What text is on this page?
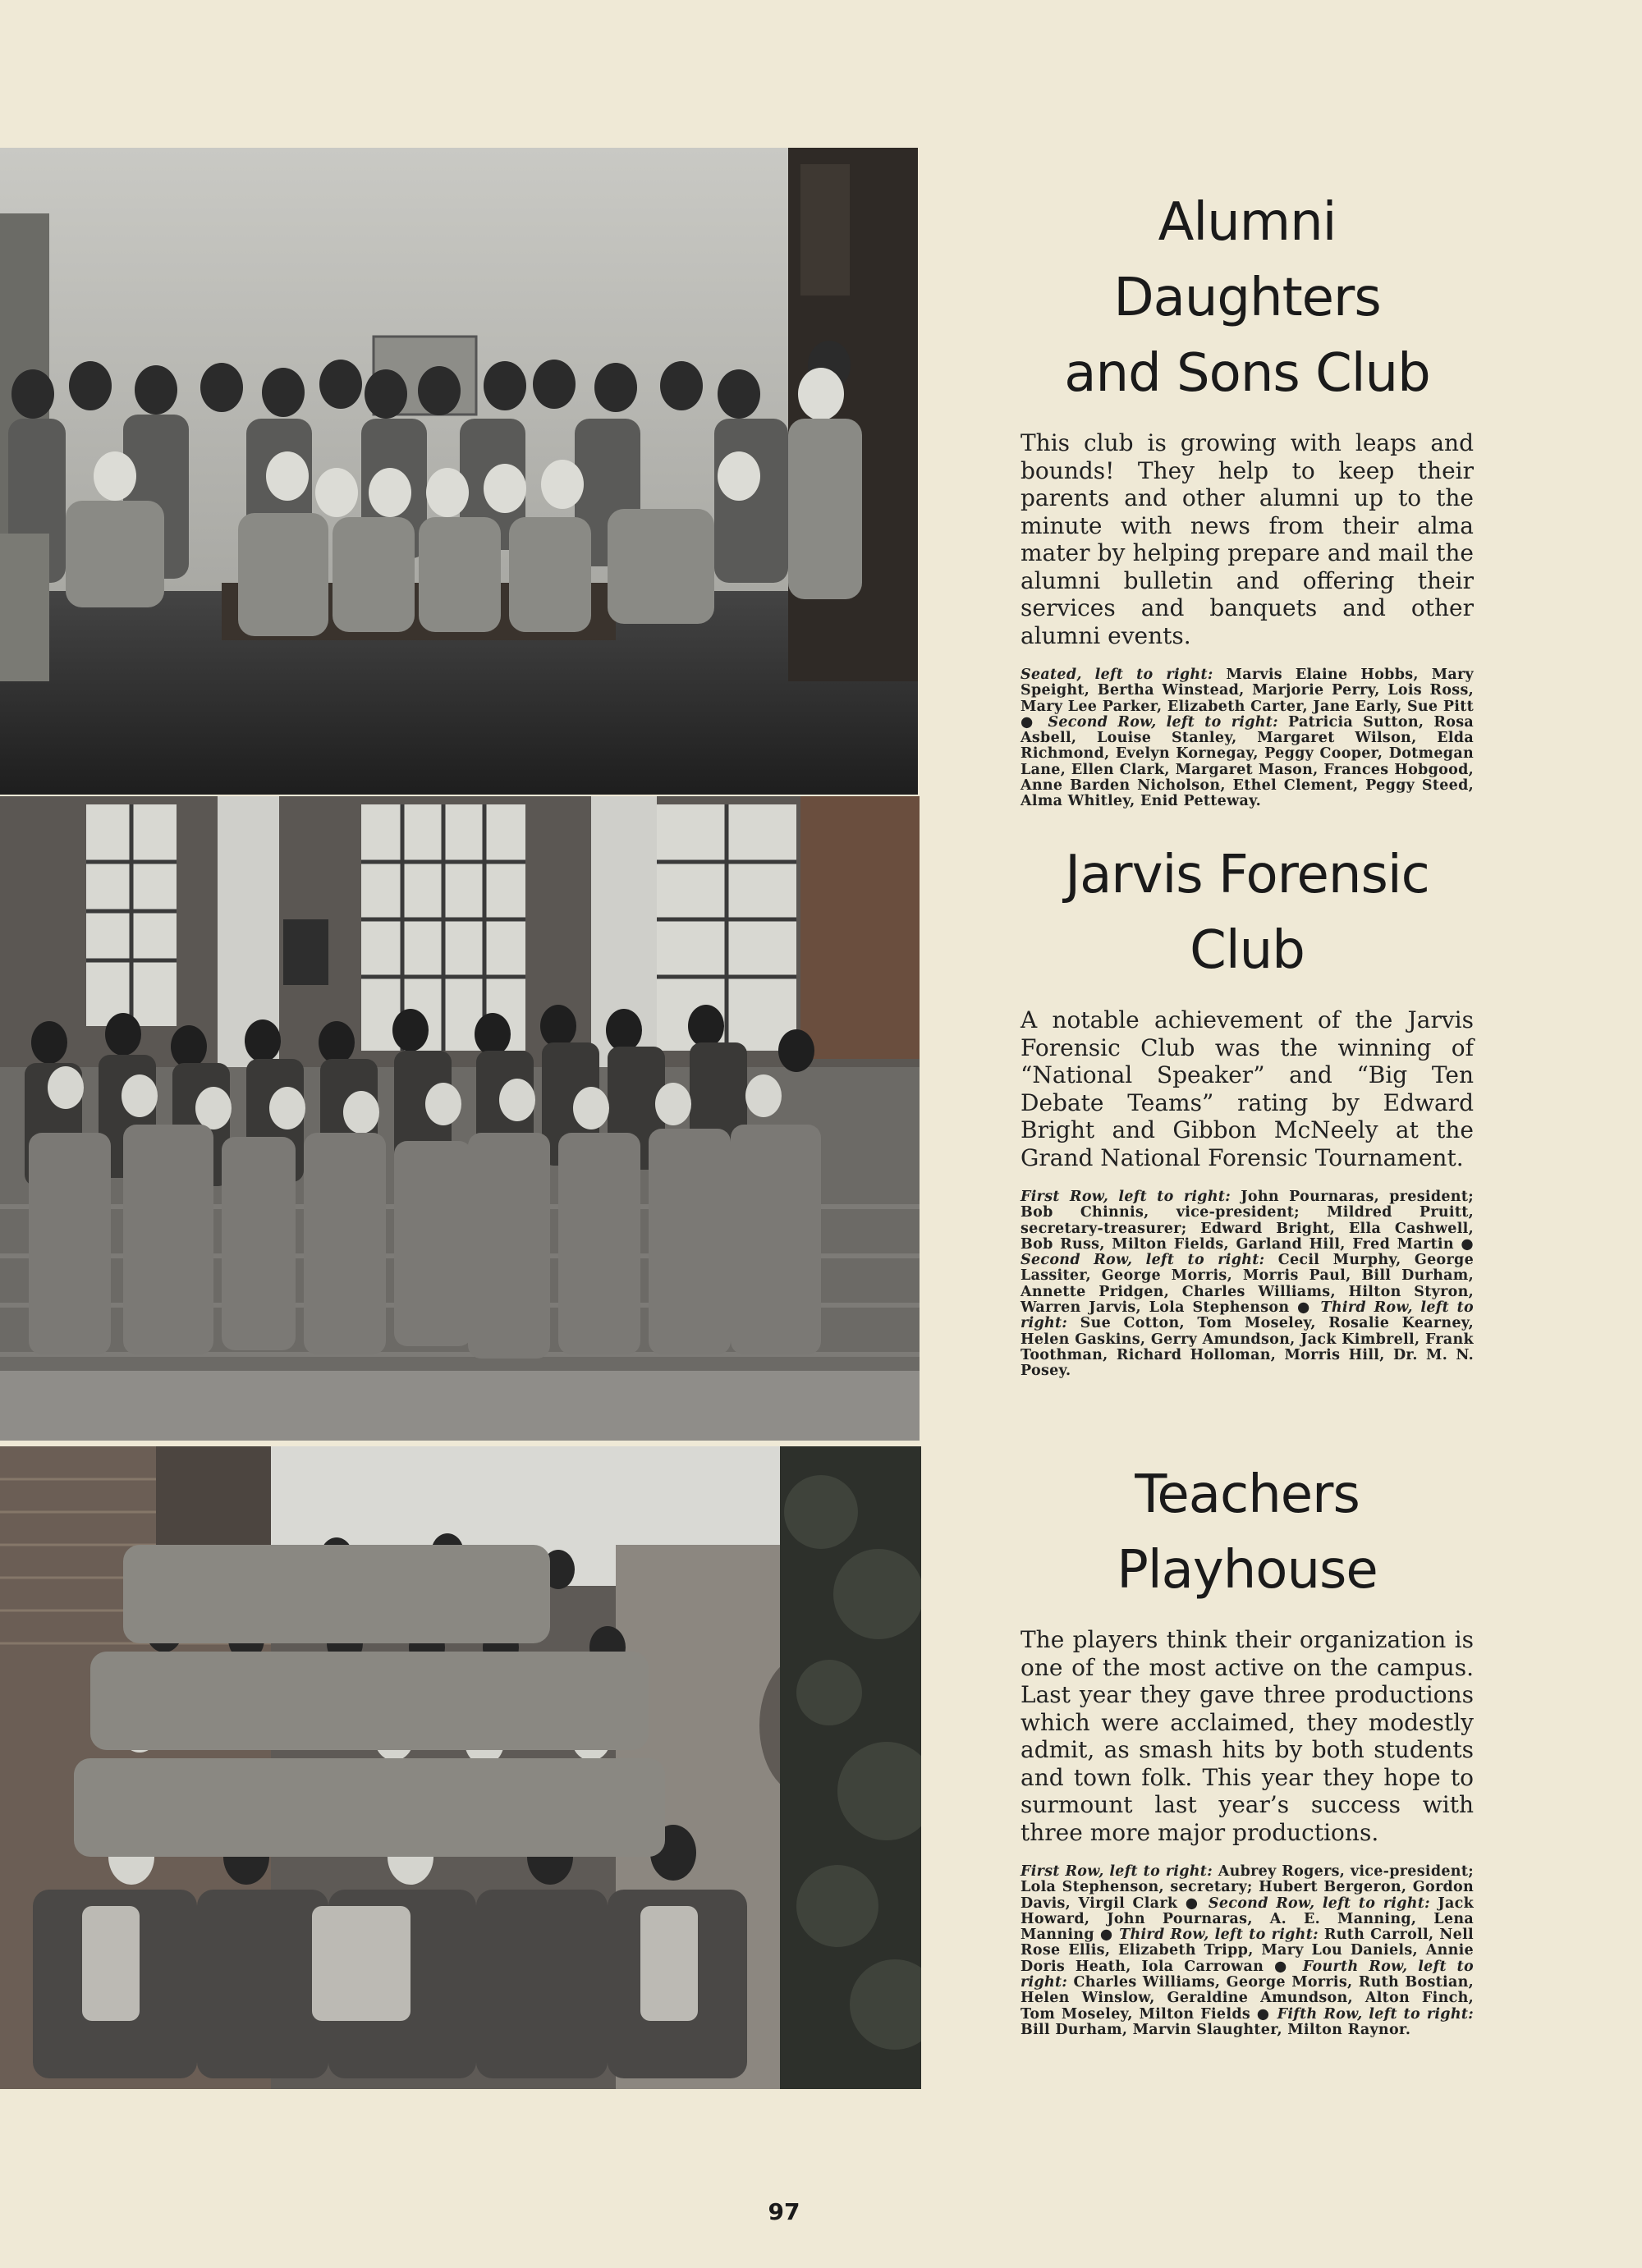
Alumni Daughters
and Sons Club

This club is growing with leaps and bounds! They help to keep their parents and other alumni up to the minute with news from their alma mater by helping prepare and mail the alumni bulletin and offering their services and banquets and other alumni events.

Seated, left to right: Marvis Elaine Hobbs, Mary Speight, Bertha Winstead, Marjorie Perry, Lois Ross, Mary Lee Parker, Elizabeth Carter, Jane Early, Sue Pitt ● Second Row, left to right: Patricia Sutton, Rosa Asbell, Louise Stanley, Margaret Wilson, Elda Richmond, Evelyn Kornegay, Peggy Cooper, Dotmegan Lane, Ellen Clark, Margaret Mason, Frances Hobgood, Anne Barden Nicholson, Ethel Clement, Peggy Steed, Alma Whitley, Enid Petteway.

Jarvis Forensic
Club

A notable achievement of the Jarvis Forensic Club was the winning of “National Speaker” and “Big Ten Debate Teams” rating by Edward Bright and Gibbon McNeely at the Grand National Forensic Tournament.

First Row, left to right: John Pournaras, president; Bob Chinnis, vice-president; Mildred Pruitt, secretary-treasurer; Edward Bright, Ella Cashwell, Bob Russ, Milton Fields, Garland Hill, Fred Martin ● Second Row, left to right: Cecil Murphy, George Lassiter, George Morris, Morris Paul, Bill Durham, Annette Pridgen, Charles Williams, Hilton Styron, Warren Jarvis, Lola Stephenson ● Third Row, left to right: Sue Cotton, Tom Moseley, Rosalie Kearney, Helen Gaskins, Gerry Amundson, Jack Kimbrell, Frank Toothman, Richard Holloman, Morris Hill, Dr. M. N. Posey.

Teachers
Playhouse

The players think their organization is one of the most active on the campus. Last year they gave three productions which were acclaimed, they modestly admit, as smash hits by both students and town folk. This year they hope to surmount last year’s success with three more major productions.

First Row, left to right: Aubrey Rogers, vice-president; Lola Stephenson, secretary; Hubert Bergeron, Gordon Davis, Virgil Clark ● Second Row, left to right: Jack Howard, John Pournaras, A. E. Manning, Lena Manning ● Third Row, left to right: Ruth Carroll, Nell Rose Ellis, Elizabeth Tripp, Mary Lou Daniels, Annie Doris Heath, Iola Carrowan ● Fourth Row, left to right: Charles Williams, George Morris, Ruth Bostian, Helen Winslow, Geraldine Amundson, Alton Finch, Tom Moseley, Milton Fields ● Fifth Row, left to right: Bill Durham, Marvin Slaughter, Milton Raynor.

97
